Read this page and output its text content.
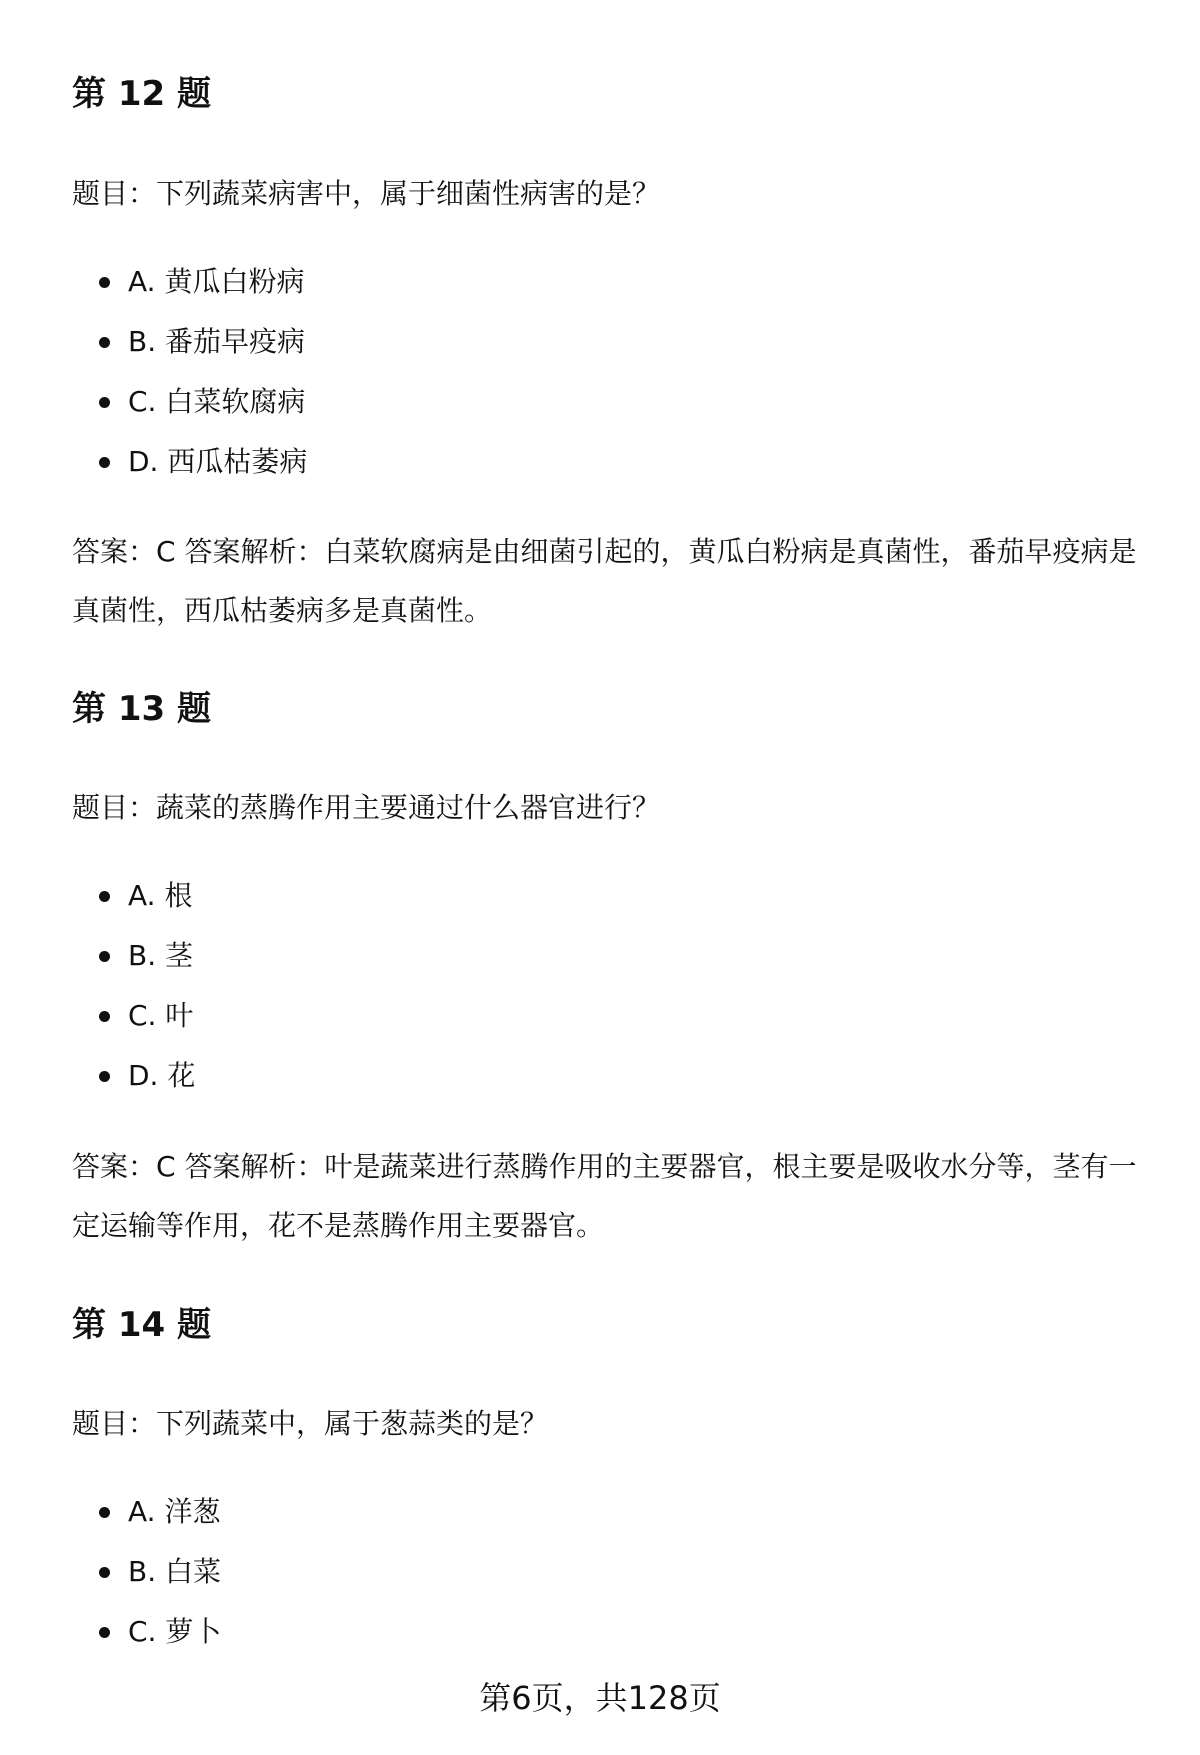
第 12 题

题目：下列蔬菜病害中，属于细菌性病害的是？

A. 黄瓜白粉病
B. 番茄早疫病
C. 白菜软腐病
D. 西瓜枯萎病

答案：C 答案解析：白菜软腐病是由细菌引起的，黄瓜白粉病是真菌性，番茄早疫病是真菌性，西瓜枯萎病多是真菌性。

第 13 题

题目：蔬菜的蒸腾作用主要通过什么器官进行？

A. 根
B. 茎
C. 叶
D. 花

答案：C 答案解析：叶是蔬菜进行蒸腾作用的主要器官，根主要是吸收水分等，茎有一定运输等作用，花不是蒸腾作用主要器官。

第 14 题

题目：下列蔬菜中，属于葱蒜类的是？

A. 洋葱
B. 白菜
C. 萝卜
第6页，共128页
